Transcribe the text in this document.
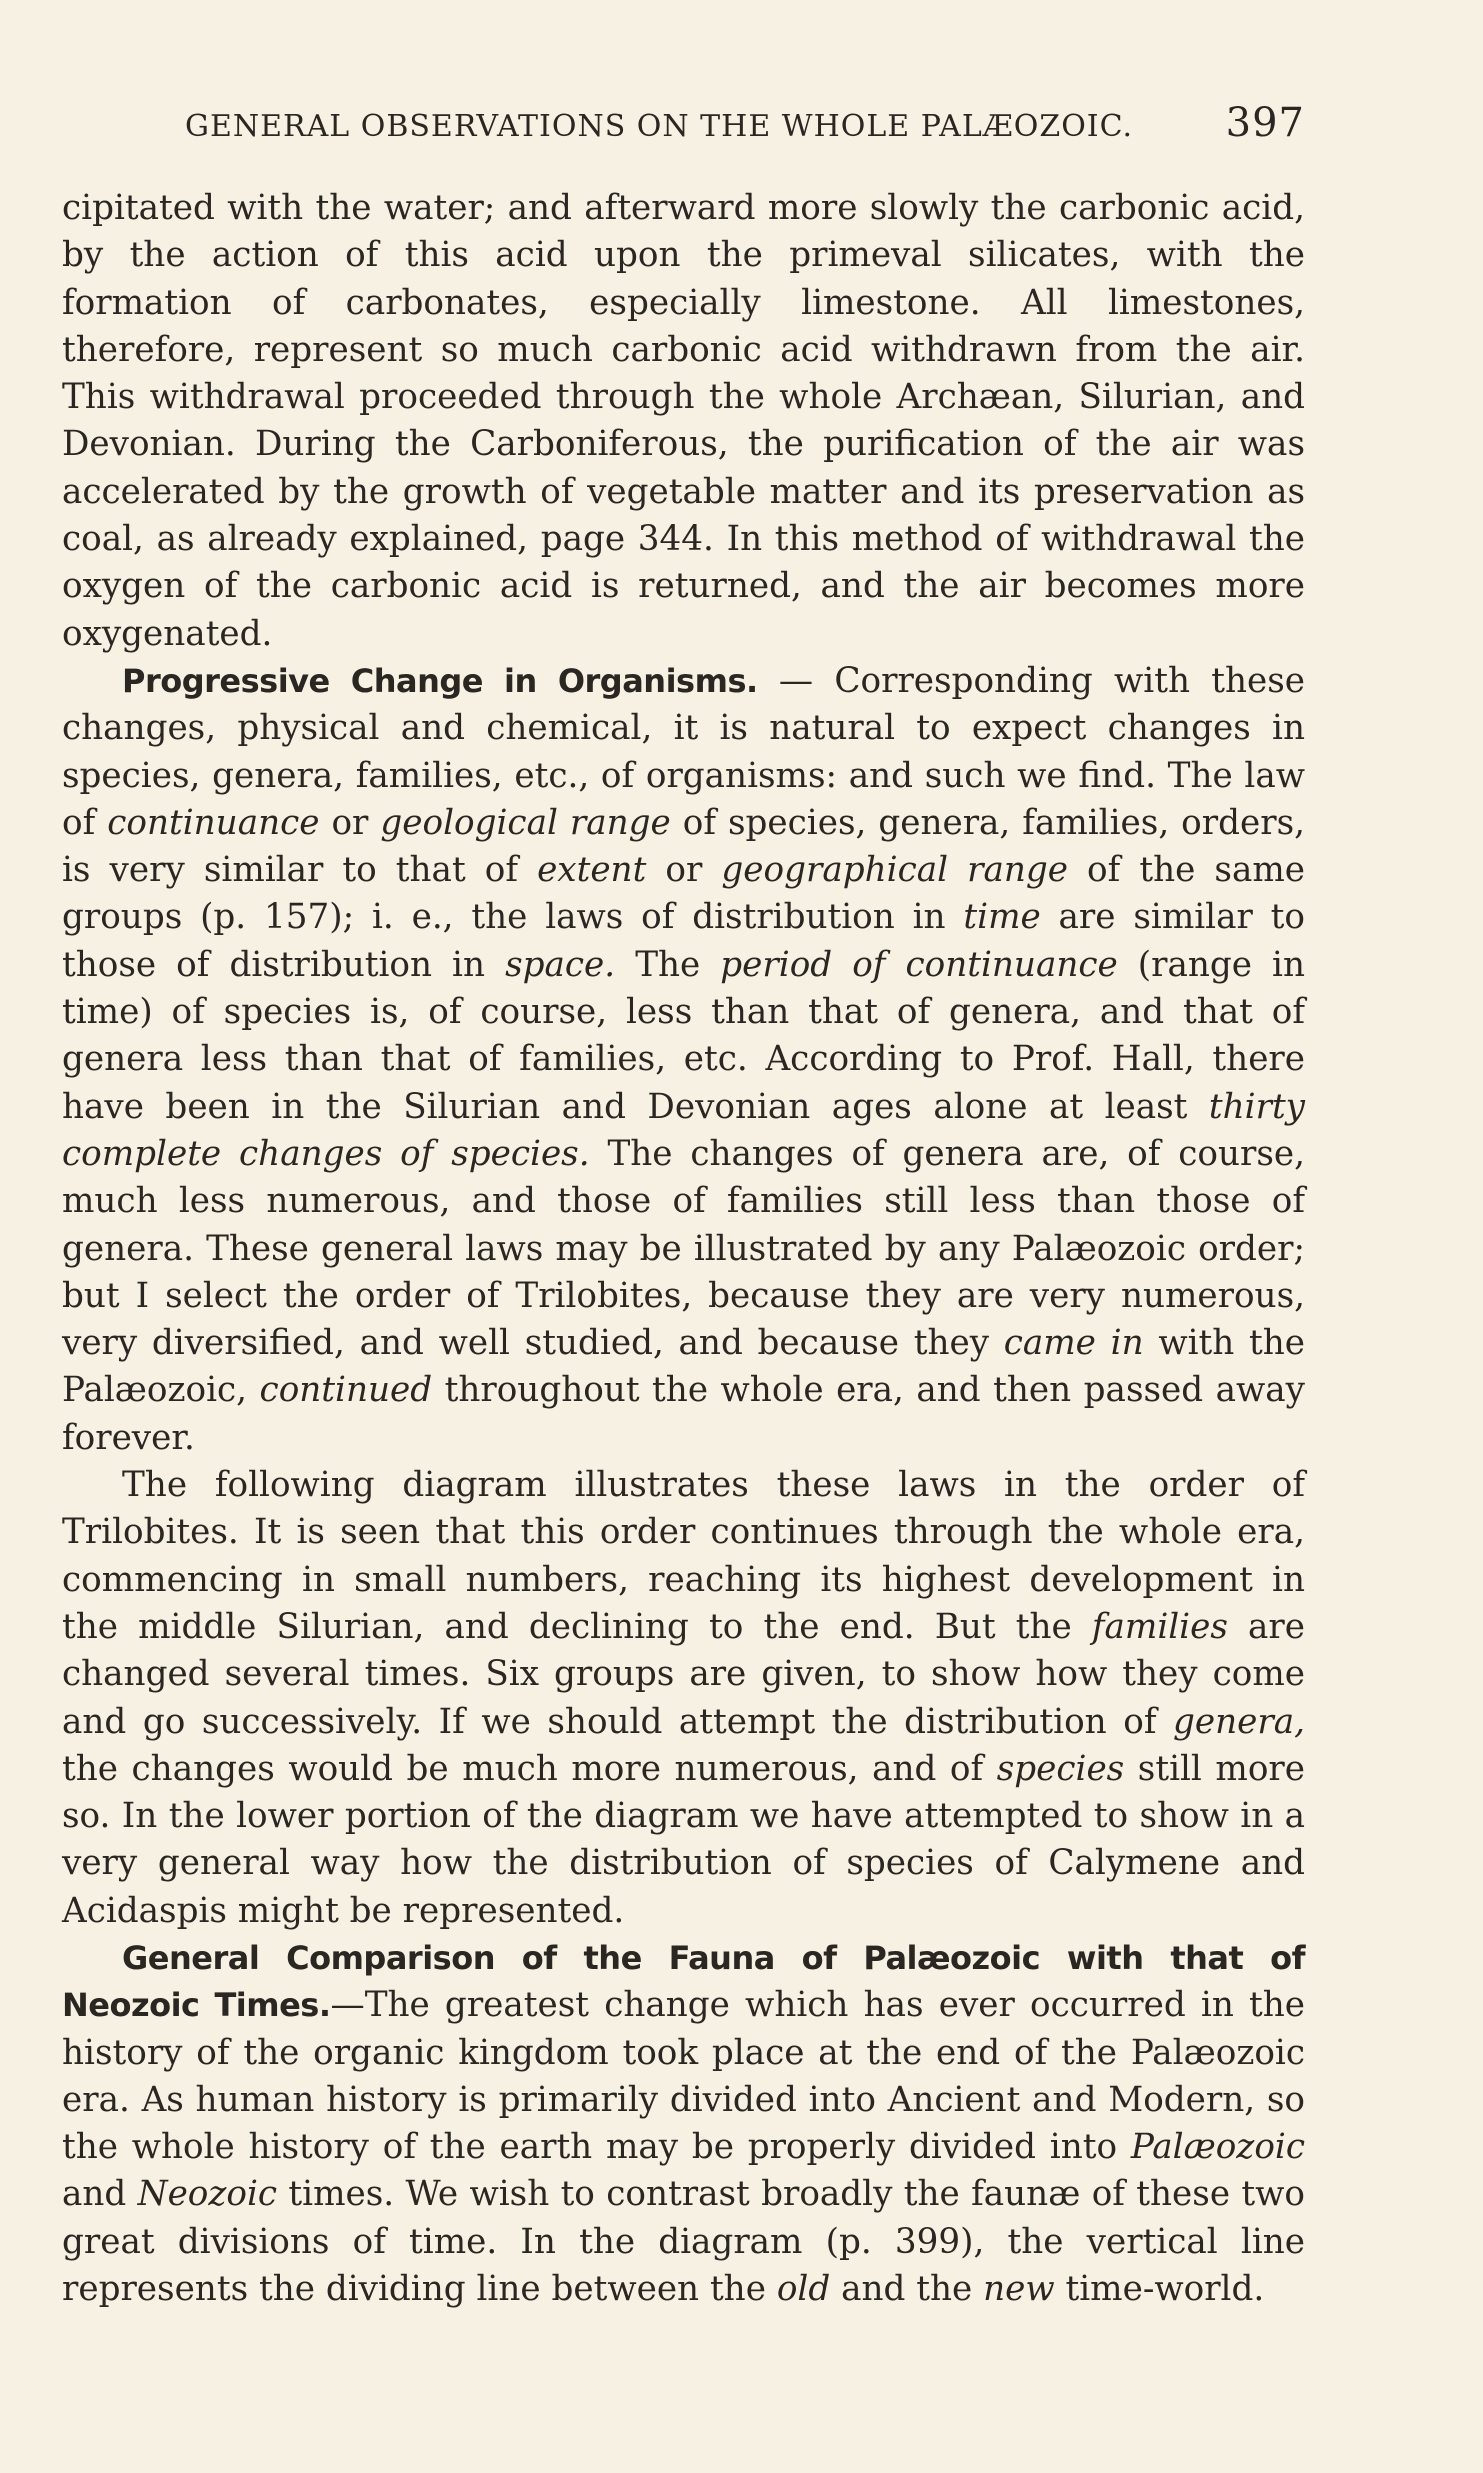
GENERAL OBSERVATIONS ON THE WHOLE PALÆOZOIC. 397

cipitated with the water; and afterward more slowly the carbonic acid, by the action of this acid upon the primeval silicates, with the formation of carbonates, especially limestone. All limestones, therefore, represent so much carbonic acid withdrawn from the air. This withdrawal proceeded through the whole Archæan, Silurian, and Devonian. During the Carboniferous, the purification of the air was accelerated by the growth of vegetable matter and its preservation as coal, as already explained, page 344. In this method of withdrawal the oxygen of the carbonic acid is returned, and the air becomes more oxygenated.

Progressive Change in Organisms. — Corresponding with these changes, physical and chemical, it is natural to expect changes in species, genera, families, etc., of organisms: and such we find. The law of continuance or geological range of species, genera, families, orders, is very similar to that of extent or geographical range of the same groups (p. 157); i. e., the laws of distribution in time are similar to those of distribution in space. The period of continuance (range in time) of species is, of course, less than that of genera, and that of genera less than that of families, etc. According to Prof. Hall, there have been in the Silurian and Devonian ages alone at least thirty complete changes of species. The changes of genera are, of course, much less numerous, and those of families still less than those of genera. These general laws may be illustrated by any Palæozoic order; but I select the order of Trilobites, because they are very numerous, very diversified, and well studied, and because they came in with the Palæozoic, continued throughout the whole era, and then passed away forever.

The following diagram illustrates these laws in the order of Trilobites. It is seen that this order continues through the whole era, commencing in small numbers, reaching its highest development in the middle Silurian, and declining to the end. But the families are changed several times. Six groups are given, to show how they come and go successively. If we should attempt the distribution of genera, the changes would be much more numerous, and of species still more so. In the lower portion of the diagram we have attempted to show in a very general way how the distribution of species of Calymene and Acidaspis might be represented.

General Comparison of the Fauna of Palæozoic with that of Neozoic Times.—The greatest change which has ever occurred in the history of the organic kingdom took place at the end of the Palæozoic era. As human history is primarily divided into Ancient and Modern, so the whole history of the earth may be properly divided into Palæozoic and Neozoic times. We wish to contrast broadly the faunæ of these two great divisions of time. In the diagram (p. 399), the vertical line represents the dividing line between the old and the new time-world.
